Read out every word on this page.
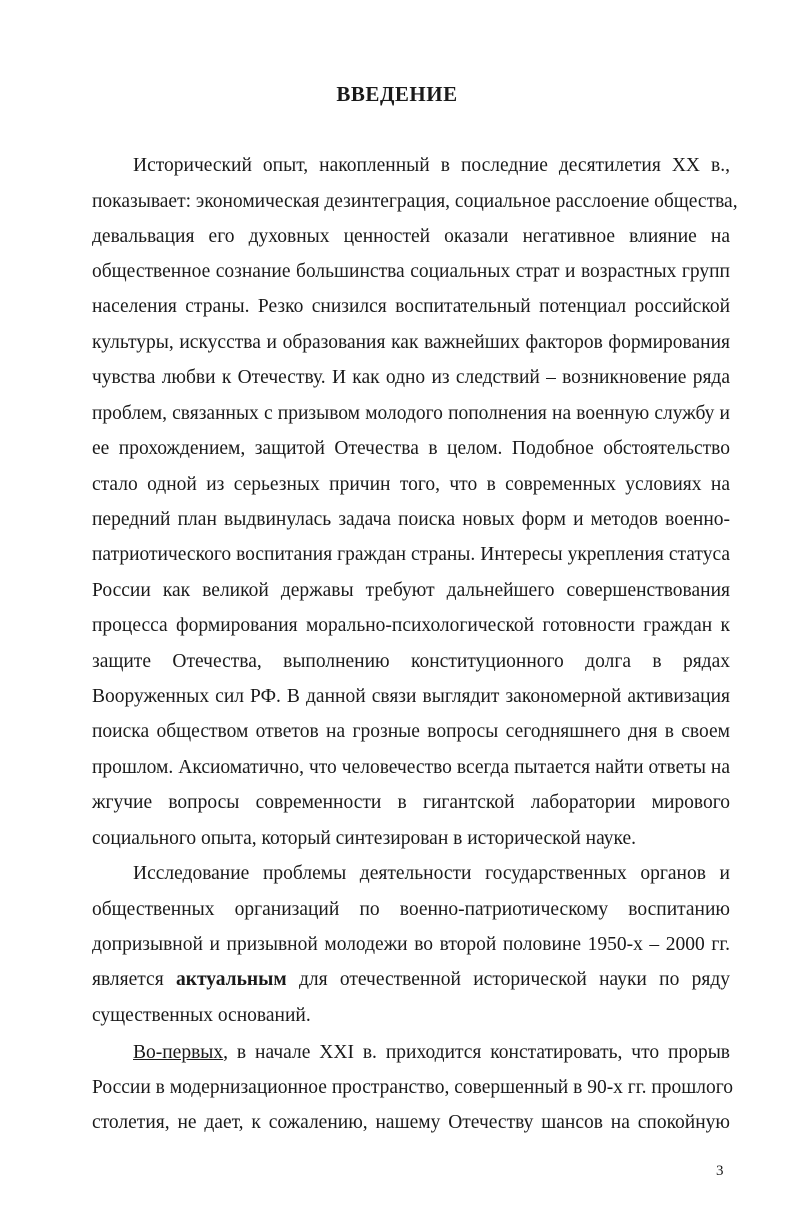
ВВЕДЕНИЕ
Исторический опыт, накопленный в последние десятилетия XX в.,
показывает: экономическая дезинтеграция, социальное расслоение общества,
девальвация его духовных ценностей оказали негативное влияние на
общественное сознание большинства социальных страт и возрастных групп
населения страны. Резко снизился воспитательный потенциал российской
культуры, искусства и образования как важнейших факторов формирования
чувства любви к Отечеству. И как одно из следствий – возникновение ряда
проблем, связанных с призывом молодого пополнения на военную службу и
ее прохождением, защитой Отечества в целом. Подобное обстоятельство
стало одной из серьезных причин того, что в современных условиях на
передний план выдвинулась задача поиска новых форм и методов военно-
патриотического воспитания граждан страны. Интересы укрепления статуса
России как великой державы требуют дальнейшего совершенствования
процесса формирования морально-психологической готовности граждан к
защите Отечества, выполнению конституционного долга в рядах
Вооруженных сил РФ. В данной связи выглядит закономерной активизация
поиска обществом ответов на грозные вопросы сегодняшнего дня в своем
прошлом. Аксиоматично, что человечество всегда пытается найти ответы на
жгучие вопросы современности в гигантской лаборатории мирового
социального опыта, который синтезирован в исторической науке.
Исследование проблемы деятельности государственных органов и
общественных организаций по военно-патриотическому воспитанию
допризывной и призывной молодежи во второй половине 1950-х – 2000 гг.
является актуальным для отечественной исторической науки по ряду
существенных оснований.
Во-первых, в начале XXI в. приходится констатировать, что прорыв
России в модернизационное пространство, совершенный в 90-х гг. прошлого
столетия, не дает, к сожалению, нашему Отечеству шансов на спокойную
3
